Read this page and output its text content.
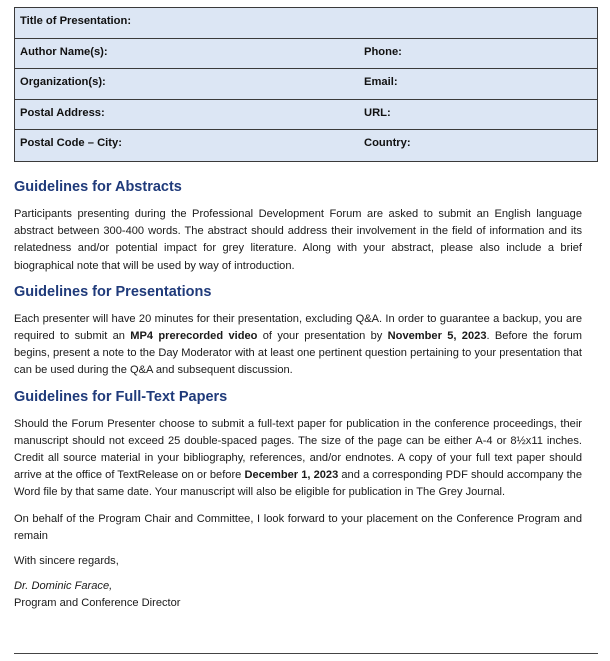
Title of Presentation:
Author Name(s):	Phone:
Organization(s):	Email:
Postal Address:	URL:
Postal Code – City:	Country:
Guidelines for Abstracts

Participants presenting during the Professional Development Forum are asked to submit an English language abstract between 300-400 words. The abstract should address their involvement in the field of information and its relatedness and/or potential impact for grey literature. Along with your abstract, please also include a brief biographical note that will be used by way of introduction.

Guidelines for Presentations

Each presenter will have 20 minutes for their presentation, excluding Q&A. In order to guarantee a backup, you are required to submit an MP4 prerecorded video of your presentation by November 5, 2023. Before the forum begins, present a note to the Day Moderator with at least one pertinent question pertaining to your presentation that can be used during the Q&A and subsequent discussion.

Guidelines for Full-Text Papers

Should the Forum Presenter choose to submit a full-text paper for publication in the conference proceedings, their manuscript should not exceed 25 double-spaced pages. The size of the page can be either A-4 or 8½x11 inches. Credit all source material in your bibliography, references, and/or endnotes. A copy of your full text paper should arrive at the office of TextRelease on or before December 1, 2023 and a corresponding PDF should accompany the Word file by that same date. Your manuscript will also be eligible for publication in The Grey Journal.

On behalf of the Program Chair and Committee, I look forward to your placement on the Conference Program and remain

With sincere regards,

Dr. Dominic Farace,
Program and Conference Director
